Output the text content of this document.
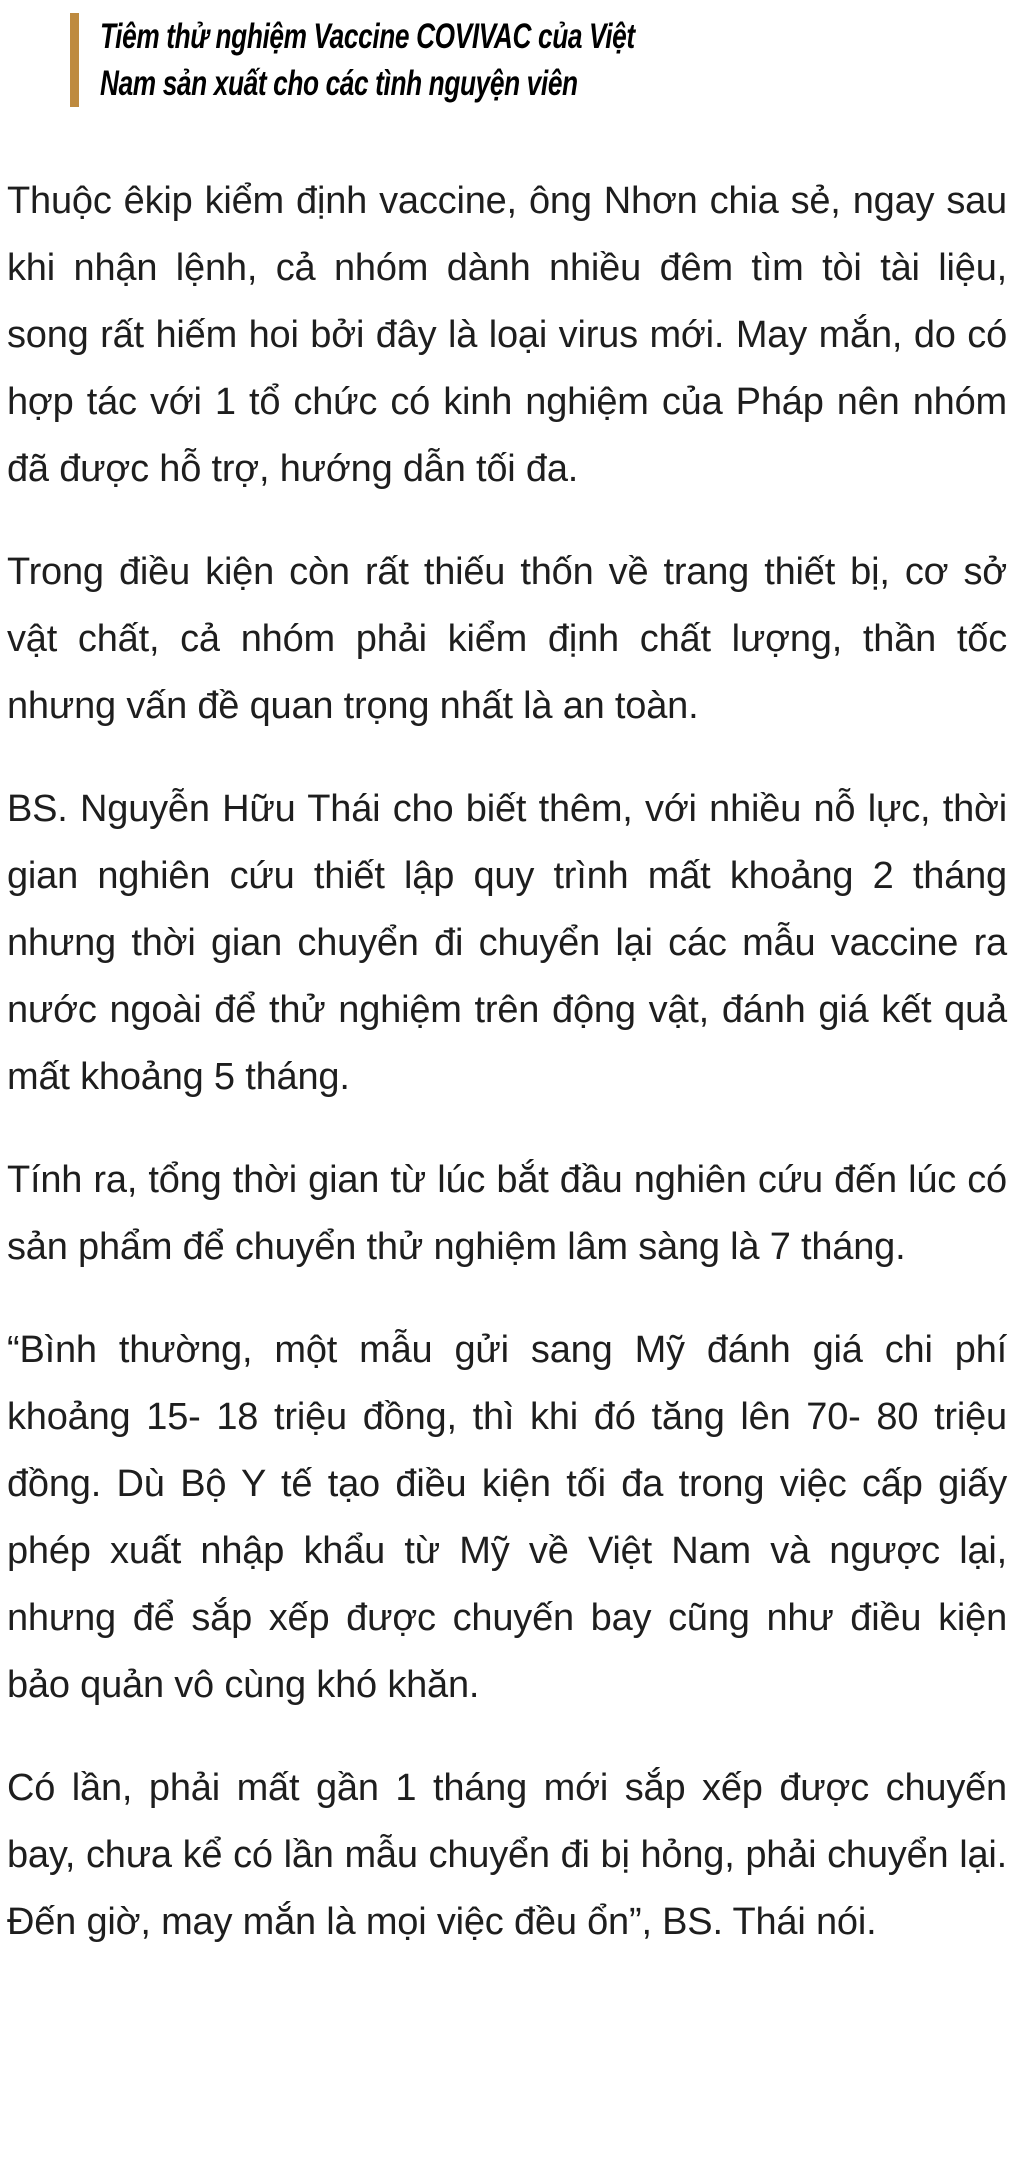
Tiêm thử nghiệm Vaccine COVIVAC của Việt
Nam sản xuất cho các tình nguyện viên

Thuộc êkip kiểm định vaccine, ông Nhơn chia sẻ, ngay sau khi nhận lệnh, cả nhóm dành nhiều đêm tìm tòi tài liệu, song rất hiếm hoi bởi đây là loại virus mới. May mắn, do có hợp tác với 1 tổ chức có kinh nghiệm của Pháp nên nhóm đã được hỗ trợ, hướng dẫn tối đa.

Trong điều kiện còn rất thiếu thốn về trang thiết bị, cơ sở vật chất, cả nhóm phải kiểm định chất lượng, thần tốc nhưng vấn đề quan trọng nhất là an toàn.

BS. Nguyễn Hữu Thái cho biết thêm, với nhiều nỗ lực, thời gian nghiên cứu thiết lập quy trình mất khoảng 2 tháng nhưng thời gian chuyển đi chuyển lại các mẫu vaccine ra nước ngoài để thử nghiệm trên động vật, đánh giá kết quả mất khoảng 5 tháng.

Tính ra, tổng thời gian từ lúc bắt đầu nghiên cứu đến lúc có sản phẩm để chuyển thử nghiệm lâm sàng là 7 tháng.

“Bình thường, một mẫu gửi sang Mỹ đánh giá chi phí khoảng 15- 18 triệu đồng, thì khi đó tăng lên 70- 80 triệu đồng. Dù Bộ Y tế tạo điều kiện tối đa trong việc cấp giấy phép xuất nhập khẩu từ Mỹ về Việt Nam và ngược lại, nhưng để sắp xếp được chuyến bay cũng như điều kiện bảo quản vô cùng khó khăn.

Có lần, phải mất gần 1 tháng mới sắp xếp được chuyến bay, chưa kể có lần mẫu chuyển đi bị hỏng, phải chuyển lại. Đến giờ, may mắn là mọi việc đều ổn”, BS. Thái nói.
